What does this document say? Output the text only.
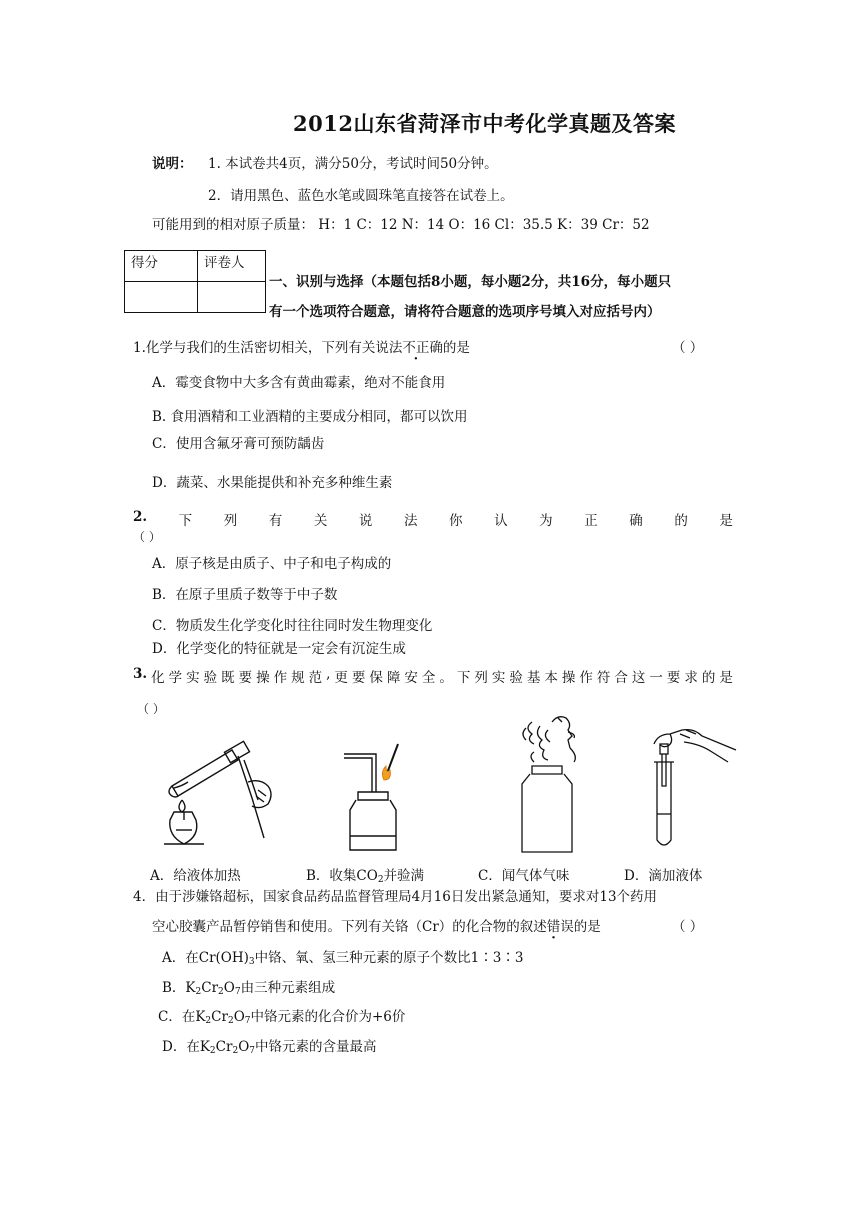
2012山东省菏泽市中考化学真题及答案
说明： 1. 本试卷共4页，满分50分，考试时间50分钟。
2．请用黑色、蓝色水笔或圆珠笔直接答在试卷上。
可能用到的相对原子质量： H：1 C：12 N：14 O：16 Cl：35.5 K：39 Cr：52
得分	评卷人

一、识别与选择（本题包括8小题，每小题2分，共16分，每小题只
有一个选项符合题意，请将符合题意的选项序号填入对应括号内）
1.化学与我们的生活密切相关，下列有关说法不正确的是	（ ）
A．霉变食物中大多含有黄曲霉素，绝对不能食用
B. 食用酒精和工业酒精的主要成分相同，都可以饮用
C．使用含氟牙膏可预防龋齿
D．蔬菜、水果能提供和补充多种维生素
2. 下 列 有 关 说 法 你 认 为 正 确 的 是
（ ）
A．原子核是由质子、中子和电子构成的
B．在原子里质子数等于中子数
C．物质发生化学变化时往往同时发生物理变化
D．化学变化的特征就是一定会有沉淀生成
3. 化 学 实 验 既 要 操 作 规 范 , 更 要 保 障 安 全 。 下 列 实 验 基 本 操 作 符 合 这 一 要 求 的 是
（ ）
A．给液体加热	B．收集$CO_2$并验满	C．闻气体气味	D．滴加液体
4．由于涉嫌铬超标，国家食品药品监督管理局4月16日发出紧急通知，要求对13个药用
空心胶囊产品暂停销售和使用。下列有关铬（Cr）的化合物的叙述错误的是	（ ）
A．在$Cr(OH)_3$中铬、氧、氢三种元素的原子个数比1∶3∶3
B．$K_2Cr_2O_7$由三种元素组成
C．在$K_2Cr_2O_7$中铬元素的化合价为+6价
D．在$K_2Cr_2O_7$中铬元素的含量最高
